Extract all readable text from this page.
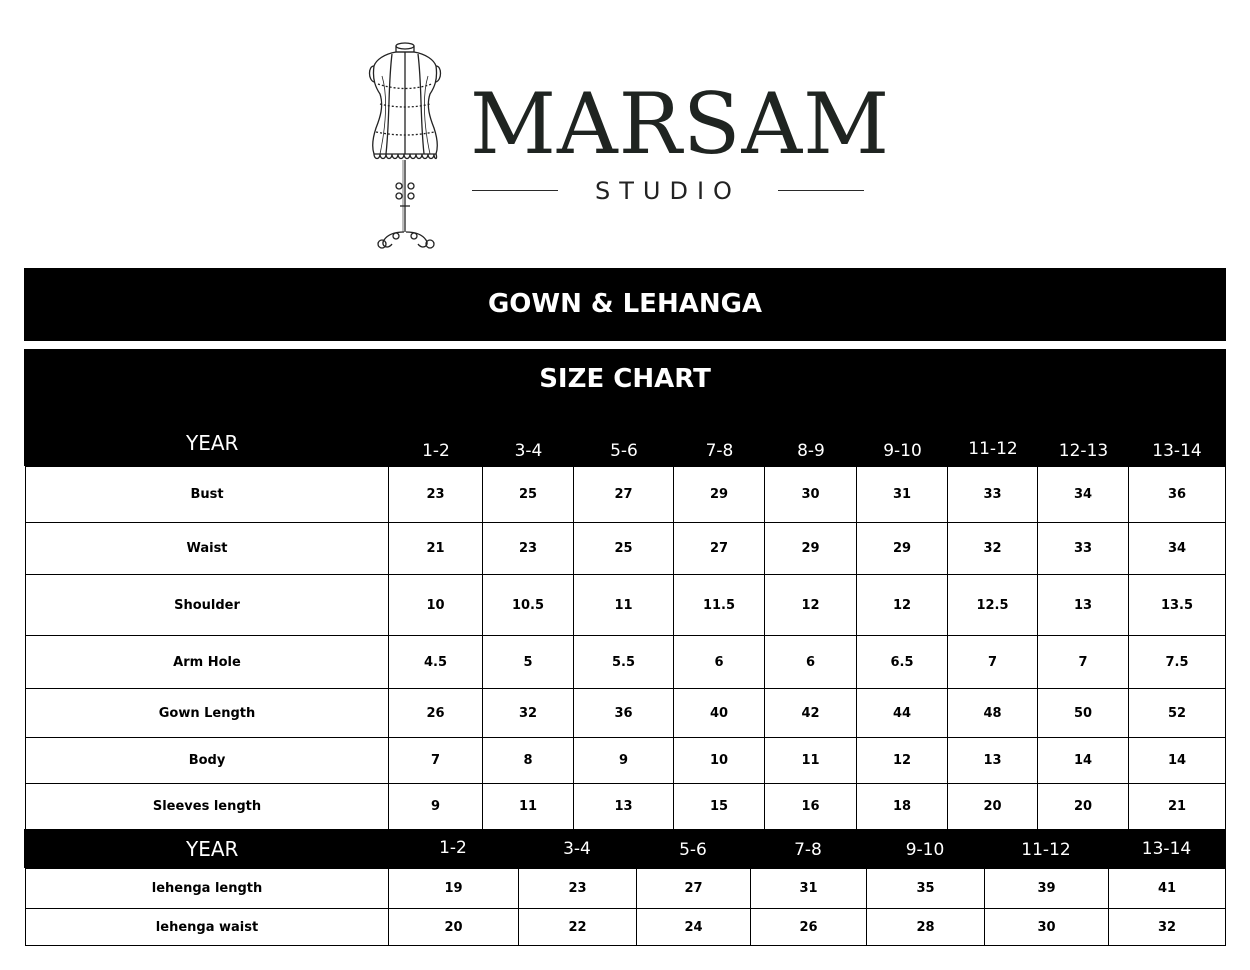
MARSAM
STUDIO
GOWN & LEHANGA
SIZE CHART
YEAR	1-2	3-4	5-6	7-8	8-9	9-10	11-12	12-13	13-14
Bust	23	25	27	29	30	31	33	34	36
Waist	21	23	25	27	29	29	32	33	34
Shoulder	10	10.5	11	11.5	12	12	12.5	13	13.5
Arm Hole	4.5	5	5.5	6	6	6.5	7	7	7.5
Gown Length	26	32	36	40	42	44	48	50	52
Body	7	8	9	10	11	12	13	14	14
Sleeves length	9	11	13	15	16	18	20	20	21
YEAR	1-2	3-4	5-6	7-8	9-10	11-12	13-14
lehenga length	19	23	27	31	35	39	41
lehenga waist	20	22	24	26	28	30	32
